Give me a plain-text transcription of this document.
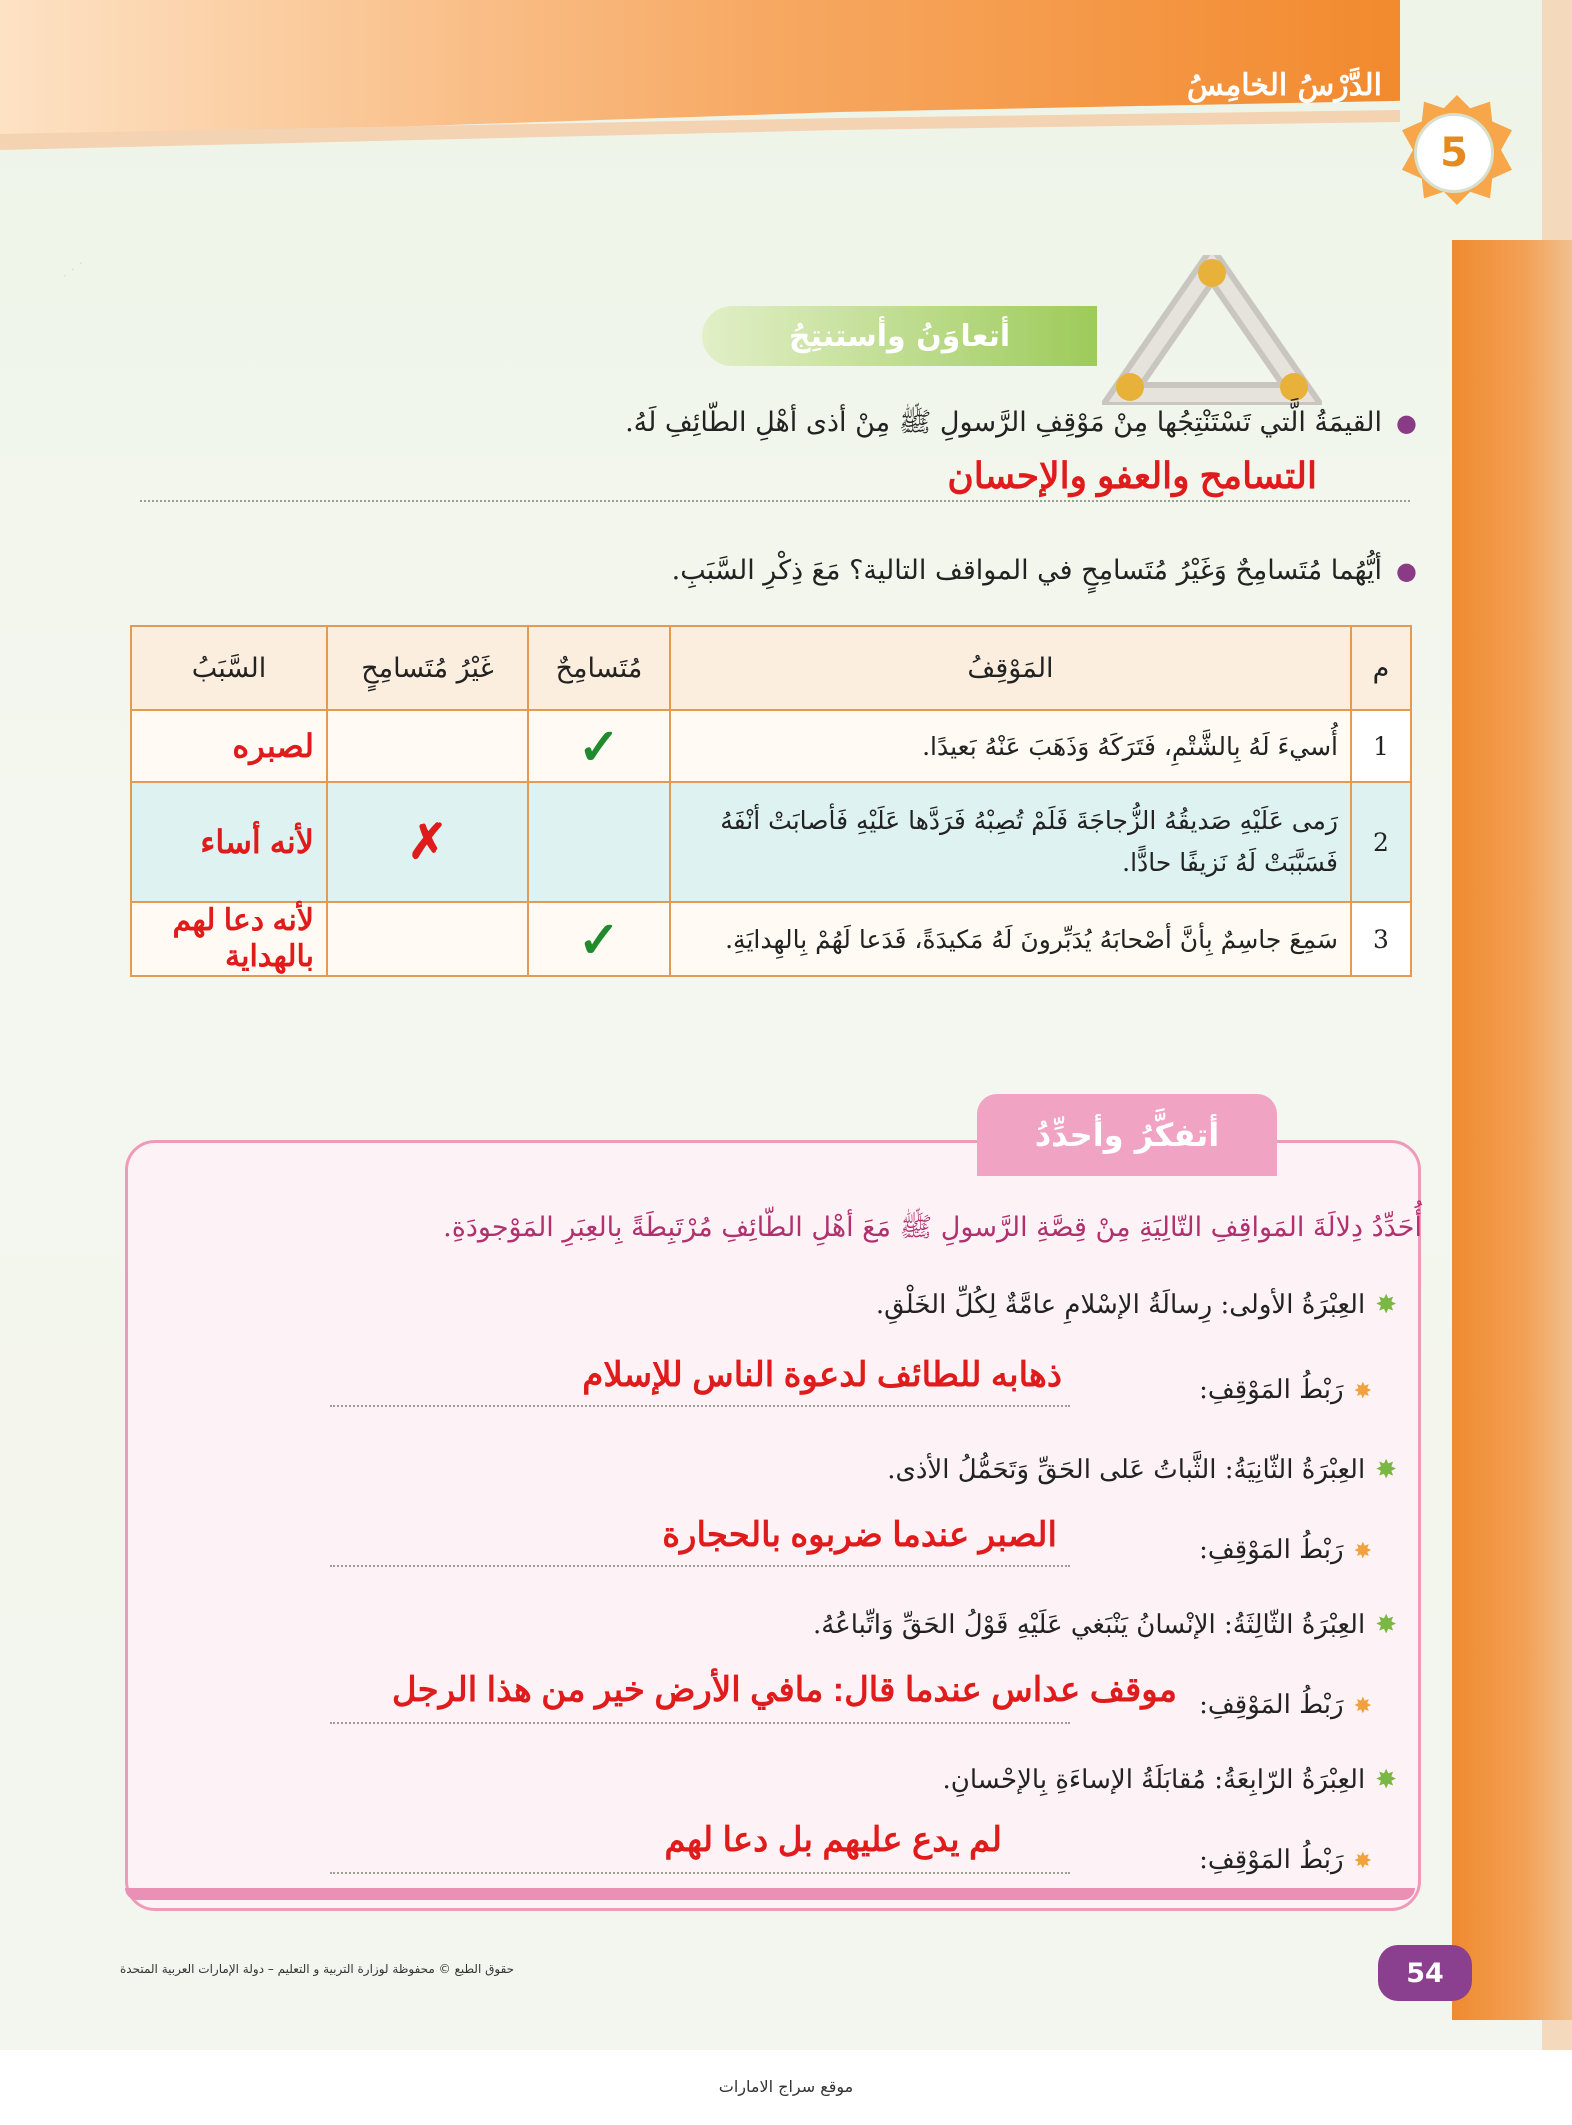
الدَّرْسُ الخامِسُ
5
· · ·
أتعاوَنُ وأستنتِجُ
●القيمَةُ الَّتي تَسْتَنْتِجُها مِنْ مَوْقِفِ الرَّسولِ ﷺ مِنْ أذى أهْلِ الطّائِفِ لَهُ.
التسامح والعفو والإحسان
●أيُّهُما مُتَسامِحٌ وَغَيْرُ مُتَسامِحٍ في المواقف التالية؟ مَعَ ذِكْرِ السَّبَبِ.
م	المَوْقِفُ	مُتَسامِحٌ	غَيْرُ مُتَسامِحٍ	السَّبَبُ
1	أُسيءَ لَهُ بِالشَّتْمِ، فَتَرَكَهُ وَذَهَبَ عَنْهُ بَعيدًا.	✓		لصبره
2	رَمى عَلَيْهِ صَديقُهُ الزُّجاجَةَ فَلَمْ تُصِبْهُ فَرَدَّها عَلَيْهِ فَأصابَتْ أنْفَهُ فَسَبَّبَتْ لَهُ نَزيفًا حادًّا.		✗	لأنه أساء
3	سَمِعَ جاسِمٌ بِأنَّ أصْحابَهُ يُدَبِّرونَ لَهُ مَكيدَةً، فَدَعا لَهُمْ بِالهِدايَةِ.	✓		لأنه دعا لهم بالهداية
أتفكَّرُ وأحدِّدُ
أُحَدِّدُ دِلالَةَ المَواقِفِ التّالِيَةِ مِنْ قِصَّةِ الرَّسولِ ﷺ مَعَ أهْلِ الطّائِفِ مُرْتَبِطَةً بِالعِبَرِ المَوْجودَةِ.
✸العِبْرَةُ الأولى: رِسالَةُ الإسْلامِ عامَّةٌ لِكُلِّ الخَلْقِ.
✸رَبْطُ المَوْقِفِ:
ذهابه للطائف لدعوة الناس للإسلام
✸العِبْرَةُ الثّانِيَةُ: الثَّباتُ عَلى الحَقِّ وَتَحَمُّلُ الأذى.
✸رَبْطُ المَوْقِفِ:
الصبر عندما ضربوه بالحجارة
✸العِبْرَةُ الثّالِثَةُ: الإنْسانُ يَنْبَغي عَلَيْهِ قَوْلُ الحَقِّ وَاتِّباعُهُ.
✸رَبْطُ المَوْقِفِ:
موقف عداس عندما قال: مافي الأرض خير من هذا الرجل
✸العِبْرَةُ الرّابِعَةُ: مُقابَلَةُ الإساءَةِ بِالإحْسانِ.
✸رَبْطُ المَوْقِفِ:
لم يدع عليهم بل دعا لهم
حقوق الطبع © محفوظة لوزارة التربية و التعليم – دولة الإمارات العربية المتحدة	54
موقع سراج الامارات
